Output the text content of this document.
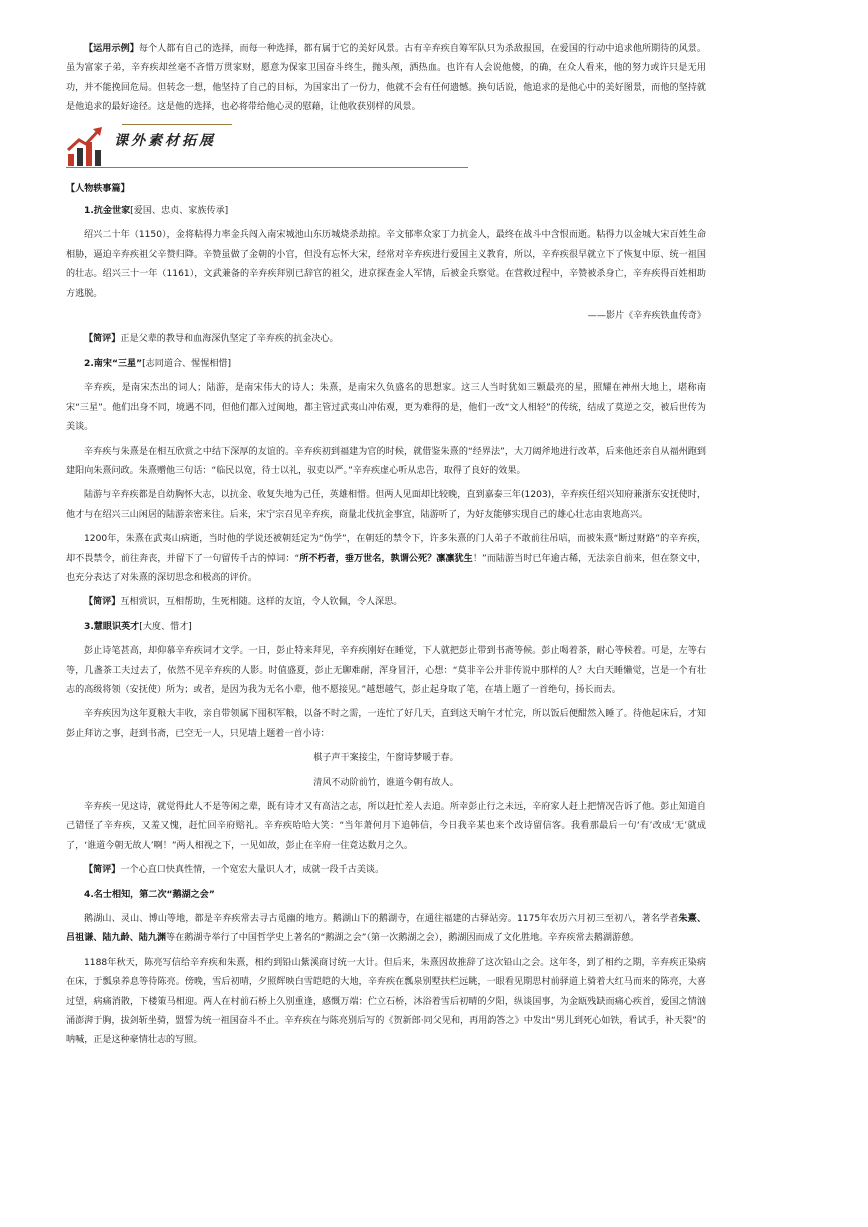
【运用示例】每个人都有自己的选择，而每一种选择，都有属于它的美好风景。古有辛弃疾自筹军队只为杀敌报国，在爱国的行动中追求他所期待的风景。虽为富家子弟，辛弃疾却丝毫不吝惜万贯家财，愿意为保家卫国奋斗终生，抛头颅，洒热血。也许有人会说他傻，的确，在众人看来，他的努力或许只是无用功，并不能挽回危局。但转念一想，他坚持了自己的目标，为国家出了一份力，他就不会有任何遗憾。换句话说，他追求的是他心中的美好图景，而他的坚持就是他追求的最好途径。这是他的选择，也必将带给他心灵的慰藉，让他收获别样的风景。

课外素材拓展

【人物轶事篇】

1.抗金世家[爱国、忠贞、家族传承]

绍兴二十年（1150），金将粘得力率金兵闯入南宋城池山东历城烧杀劫掠。辛文郁率众家丁力抗金人，最终在战斗中含恨而逝。粘得力以金城大宋百姓生命相胁，逼迫辛弃疾祖父辛赞归降。辛赞虽做了金朝的小官，但没有忘怀大宋，经常对辛弃疾进行爱国主义教育，所以，辛弃疾很早就立下了恢复中原、统一祖国的壮志。绍兴三十一年（1161），文武兼备的辛弃疾拜别已辞官的祖父，进京探查金人军情，后被金兵察觉。在营救过程中，辛赞被杀身亡，辛弃疾得百姓相助方逃脱。

——影片《辛弃疾铁血传奇》

【简评】正是父辈的教导和血海深仇坚定了辛弃疾的抗金决心。

2.南宋“三星”[志同道合、惺惺相惜]

辛弃疾，是南宋杰出的词人；陆游，是南宋伟大的诗人；朱熹，是南宋久负盛名的思想家。这三人当时犹如三颗最亮的星，照耀在神州大地上，堪称南宋“三星”。他们出身不同，境遇不同，但他们都入过闽地，都主管过武夷山冲佑观，更为难得的是，他们一改“文人相轻”的传统，结成了莫逆之交，被后世传为美谈。

辛弃疾与朱熹是在相互欣赏之中结下深厚的友谊的。辛弃疾初到福建为官的时候，就借鉴朱熹的“经界法”，大刀阔斧地进行改革，后来他还亲自从福州跑到建阳向朱熹问政。朱熹赠他三句话：“临民以宽，待士以礼，驭吏以严。”辛弃疾虚心听从忠告，取得了良好的效果。

陆游与辛弃疾都是自幼胸怀大志，以抗金、收复失地为己任，英雄相惜。但两人见面却比较晚，直到嘉泰三年(1203)，辛弃疾任绍兴知府兼浙东安抚使时，他才与在绍兴三山闲居的陆游亲密来往。后来，宋宁宗召见辛弃疾，商量北伐抗金事宜，陆游听了，为好友能够实现自己的雄心壮志由衷地高兴。

1200年，朱熹在武夷山病逝，当时他的学说还被朝廷定为“伪学”，在朝廷的禁令下，许多朱熹的门人弟子不敢前往吊唁，而被朱熹“断过财路”的辛弃疾，却不畏禁令，前往奔丧，并留下了一句留传千古的悼词：“所不朽者，垂万世名，孰谓公死？凛凛犹生！”而陆游当时已年逾古稀，无法亲自前来，但在祭文中，也充分表达了对朱熹的深切思念和极高的评价。

【简评】互相赏识，互相帮助，生死相随。这样的友谊，令人钦佩，令人深思。

3.慧眼识英才[大度、惜才]

彭止诗笔甚高，却仰慕辛弃疾词才文学。一日，彭止特来拜见，辛弃疾刚好在睡觉，下人就把彭止带到书斋等候。彭止喝着茶，耐心等候着。可是，左等右等，几盏茶工夫过去了，依然不见辛弃疾的人影。时值盛夏，彭止无聊难耐，浑身冒汗，心想：“莫非辛公并非传说中那样的人？大白天睡懒觉，岂是一个有壮志的高级将领（安抚使）所为；或者，是因为我为无名小辈，他不愿接见。”越想越气，彭止起身取了笔，在墙上题了一首绝句，扬长而去。

辛弃疾因为这年夏粮大丰收，亲自带领属下囤积军粮，以备不时之需，一连忙了好几天，直到这天晌午才忙完，所以饭后便酣然入睡了。待他起床后，才知彭止拜访之事，赶到书斋，已空无一人，只见墙上题着一首小诗：

棋子声干案接尘，午窗诗梦暖于春。

清风不动阶前竹，谁道今朝有故人。

辛弃疾一见这诗，就觉得此人不是等闲之辈，既有诗才又有高洁之志，所以赶忙差人去追。所幸彭止行之未远，辛府家人赶上把情况告诉了他。彭止知道自己错怪了辛弃疾，又羞又愧，赶忙回辛府赔礼。辛弃疾哈哈大笑：“当年萧何月下追韩信，今日我辛某也来个改诗留信客。我看那最后一句‘有’改成‘无’就成了，‘谁道今朝无故人’啊！”两人相视之下，一见如故，彭止在辛府一住竟达数月之久。

【简评】一个心直口快真性情，一个宽宏大量识人才，成就一段千古美谈。

4.名士相知，第二次“鹅湖之会”

鹅湖山、灵山、博山等地，都是辛弃疾常去寻古觅幽的地方。鹅湖山下的鹅湖寺，在通往福建的古驿站旁。1175年农历六月初三至初八，著名学者朱熹、吕祖谦、陆九龄、陆九渊等在鹅湖寺举行了中国哲学史上著名的“鹅湖之会”（第一次鹅湖之会），鹅湖因而成了文化胜地。辛弃疾常去鹅湖游憩。

1188年秋天，陈亮写信给辛弃疾和朱熹，相约到铅山紫溪商讨统一大计。但后来，朱熹因故推辞了这次铅山之会。这年冬，到了相约之期，辛弃疾正染病在床，于瓢泉养息等待陈亮。傍晚，雪后初晴，夕照辉映白雪皑皑的大地，辛弃疾在瓢泉别墅扶栏远眺，一眼看见期思村前驿道上骑着大红马而来的陈亮，大喜过望，病痛消散，下楼策马相迎。两人在村前石桥上久别重逢，感慨万端：伫立石桥，沐浴着雪后初晴的夕阳，纵谈国事，为金瓯残缺而痛心疾首，爱国之情汹涌澎湃于胸，拔剑斩坐骑，盟誓为统一祖国奋斗不止。辛弃疾在与陈亮别后写的《贺新郎·同父见和，再用韵答之》中发出“男儿到死心如铁，看试手，补天裂”的呐喊，正是这种豪情壮志的写照。
